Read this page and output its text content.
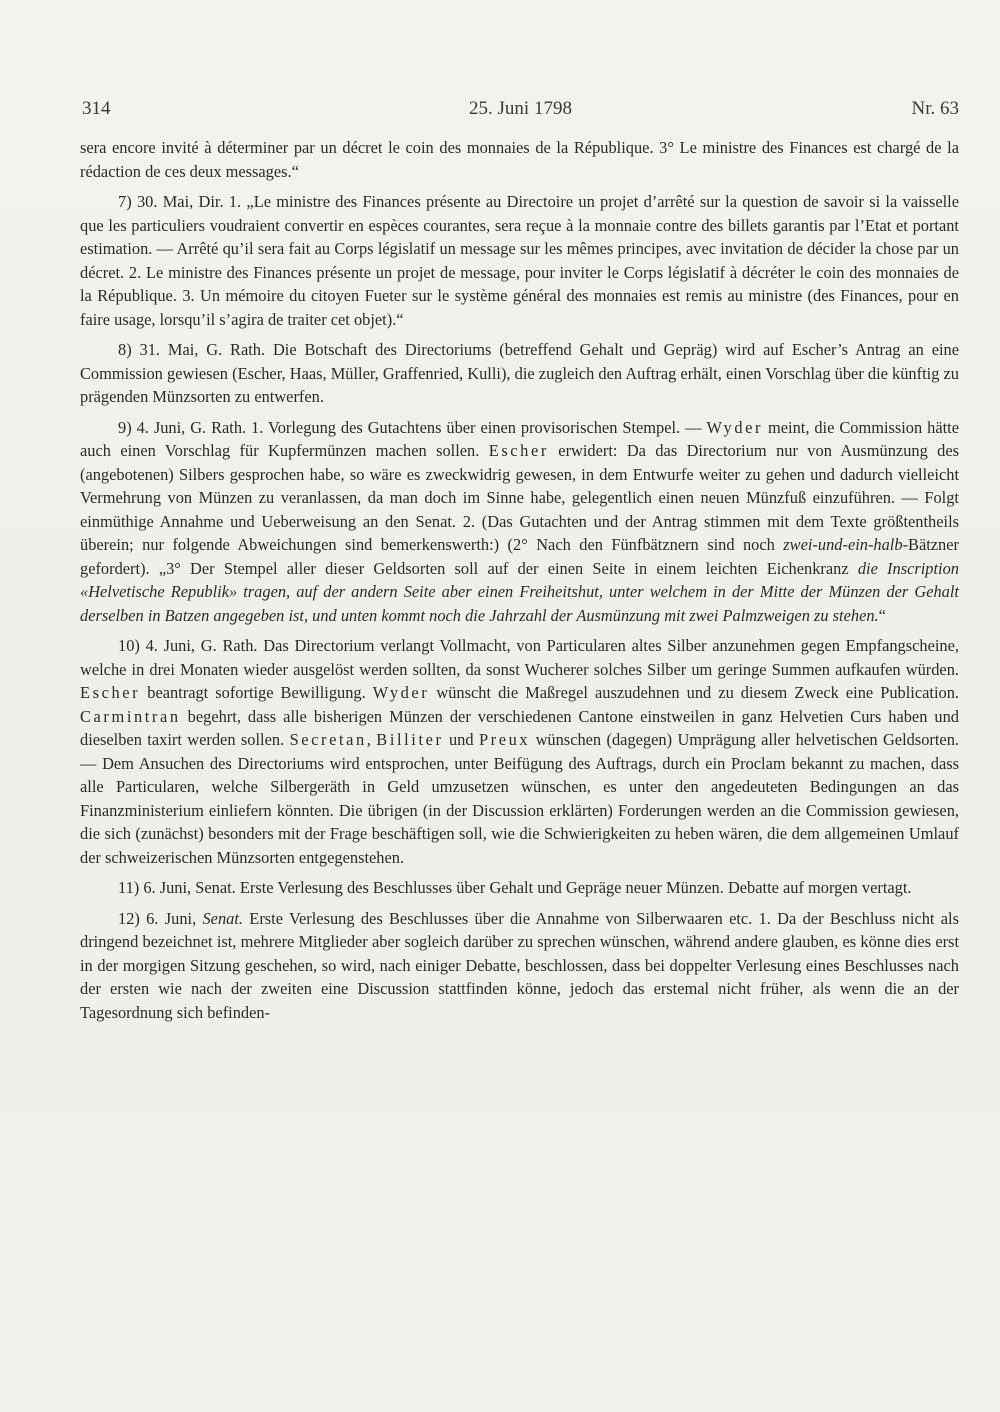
314	25. Juni 1798	Nr. 63

sera encore invité à déterminer par un décret le coin des monnaies de la République. 3° Le ministre des Finances est chargé de la rédaction de ces deux messages.“

7) 30. Mai, Dir. 1. „Le ministre des Finances présente au Directoire un projet d’arrêté sur la question de savoir si la vaisselle que les particuliers voudraient convertir en espèces courantes, sera reçue à la monnaie contre des billets garantis par l’Etat et portant estimation. — Arrêté qu’il sera fait au Corps législatif un message sur les mêmes principes, avec invitation de décider la chose par un décret. 2. Le ministre des Finances présente un projet de message, pour inviter le Corps législatif à décréter le coin des monnaies de la République. 3. Un mémoire du citoyen Fueter sur le système général des monnaies est remis au ministre (des Finances, pour en faire usage, lorsqu’il s’agira de traiter cet objet).“

8) 31. Mai, G. Rath. Die Botschaft des Directoriums (betreffend Gehalt und Gepräg) wird auf Escher’s Antrag an eine Commission gewiesen (Escher, Haas, Müller, Graffenried, Kulli), die zugleich den Auftrag erhält, einen Vorschlag über die künftig zu prägenden Münzsorten zu entwerfen.

9) 4. Juni, G. Rath. 1. Vorlegung des Gutachtens über einen provisorischen Stempel. — Wyder meint, die Commission hätte auch einen Vorschlag für Kupfermünzen machen sollen. Escher erwidert: Da das Directorium nur von Ausmünzung des (angebotenen) Silbers gesprochen habe, so wäre es zweckwidrig gewesen, in dem Entwurfe weiter zu gehen und dadurch vielleicht Vermehrung von Münzen zu veranlassen, da man doch im Sinne habe, gelegentlich einen neuen Münzfuß einzuführen. — Folgt einmüthige Annahme und Ueberweisung an den Senat. 2. (Das Gutachten und der Antrag stimmen mit dem Texte größtentheils überein; nur folgende Abweichungen sind bemerkenswerth:) (2° Nach den Fünfbätznern sind noch zwei-und-ein-halb-Bätzner gefordert). „3° Der Stempel aller dieser Geldsorten soll auf der einen Seite in einem leichten Eichenkranz die Inscription «Helvetische Republik» tragen, auf der andern Seite aber einen Freiheitshut, unter welchem in der Mitte der Münzen der Gehalt derselben in Batzen angegeben ist, und unten kommt noch die Jahrzahl der Ausmünzung mit zwei Palmzweigen zu stehen.“

10) 4. Juni, G. Rath. Das Directorium verlangt Vollmacht, von Particularen altes Silber anzunehmen gegen Empfangscheine, welche in drei Monaten wieder ausgelöst werden sollten, da sonst Wucherer solches Silber um geringe Summen aufkaufen würden. Escher beantragt sofortige Bewilligung. Wyder wünscht die Maßregel auszudehnen und zu diesem Zweck eine Publication. Carmintran begehrt, dass alle bisherigen Münzen der verschiedenen Cantone einstweilen in ganz Helvetien Curs haben und dieselben taxirt werden sollen. Secretan, Billiter und Preux wünschen (dagegen) Umprägung aller helvetischen Geldsorten. — Dem Ansuchen des Directoriums wird entsprochen, unter Beifügung des Auftrags, durch ein Proclam bekannt zu machen, dass alle Particularen, welche Silbergeräth in Geld umzusetzen wünschen, es unter den angedeuteten Bedingungen an das Finanzministerium einliefern könnten. Die übrigen (in der Discussion erklärten) Forderungen werden an die Commission gewiesen, die sich (zunächst) besonders mit der Frage beschäftigen soll, wie die Schwierigkeiten zu heben wären, die dem allgemeinen Umlauf der schweizerischen Münzsorten entgegenstehen.

11) 6. Juni, Senat. Erste Verlesung des Beschlusses über Gehalt und Gepräge neuer Münzen. Debatte auf morgen vertagt.

12) 6. Juni, Senat. Erste Verlesung des Beschlusses über die Annahme von Silberwaaren etc. 1. Da der Beschluss nicht als dringend bezeichnet ist, mehrere Mitglieder aber sogleich darüber zu sprechen wünschen, während andere glauben, es könne dies erst in der morgigen Sitzung geschehen, so wird, nach einiger Debatte, beschlossen, dass bei doppelter Verlesung eines Beschlusses nach der ersten wie nach der zweiten eine Discussion stattfinden könne, jedoch das erstemal nicht früher, als wenn die an der Tagesordnung sich befinden-
